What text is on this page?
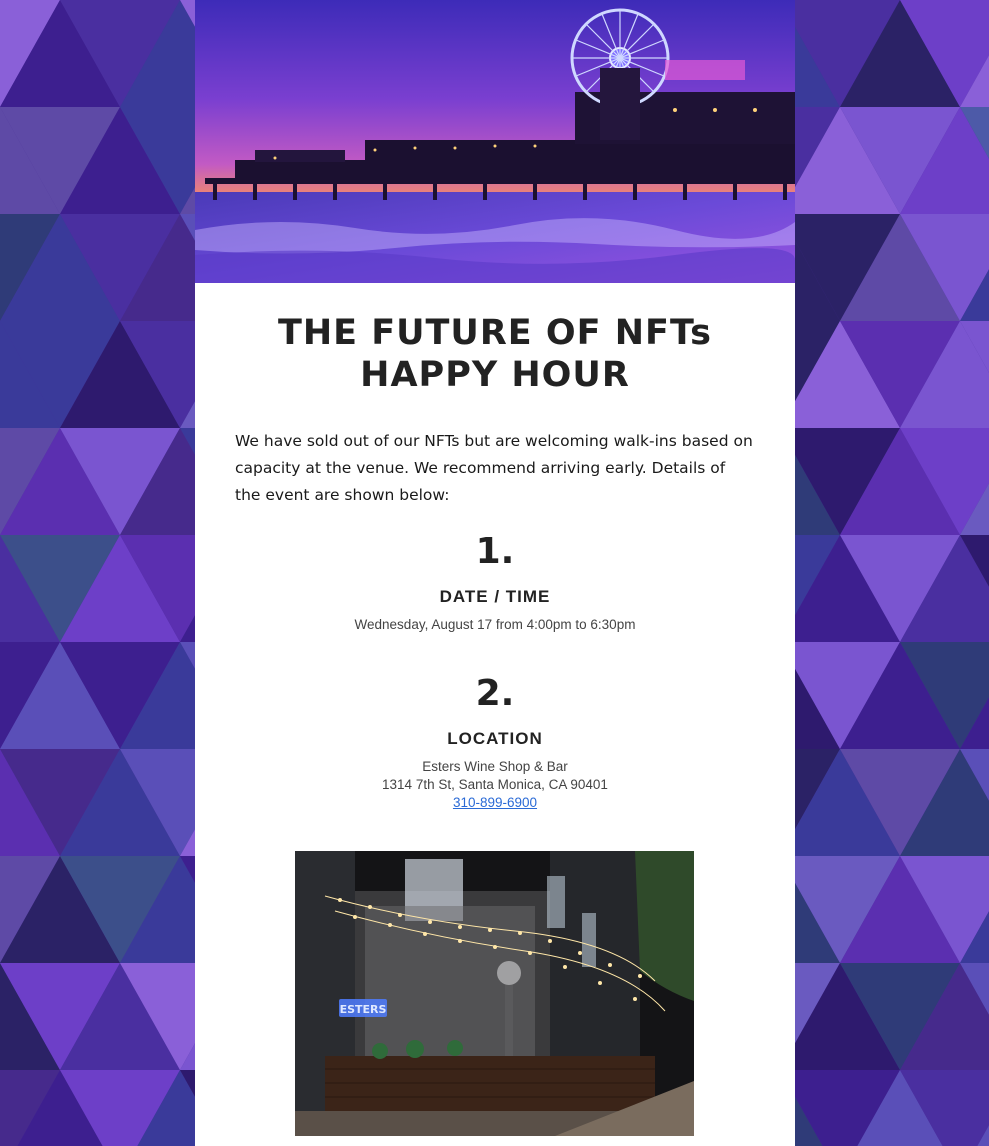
THE FUTURE OF NFTs
HAPPY HOUR

We have sold out of our NFTs but are welcoming walk-ins based on capacity at the venue. We recommend arriving early. Details of the event are shown below:

1.
DATE / TIME
Wednesday, August 17 from 4:00pm to 6:30pm
2.
LOCATION
Esters Wine Shop & Bar
1314 7th St, Santa Monica, CA 90401
310-899-6900
ESTERS
